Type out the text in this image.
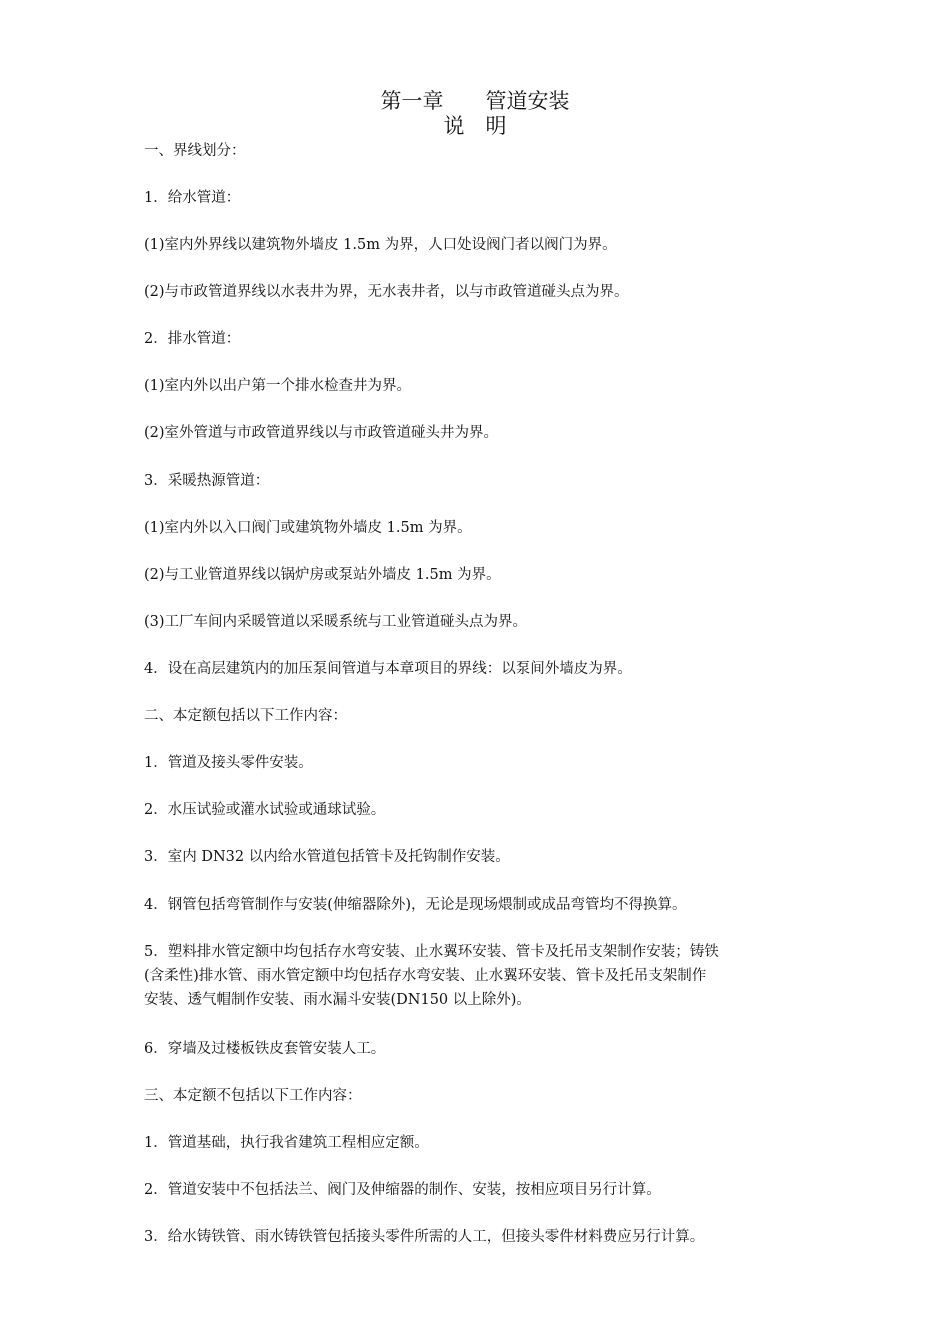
第一章　　管道安装
说　明
一、界线划分：
1．给水管道：
(1)室内外界线以建筑物外墙皮 1.5m 为界，人口处设阀门者以阀门为界。
(2)与市政管道界线以水表井为界，无水表井者，以与市政管道碰头点为界。
2．排水管道：
(1)室内外以出户第一个排水检查井为界。
(2)室外管道与市政管道界线以与市政管道碰头井为界。
3．采暖热源管道：
(1)室内外以入口阀门或建筑物外墙皮 1.5m 为界。
(2)与工业管道界线以锅炉房或泵站外墙皮 1.5m 为界。
(3)工厂车间内采暖管道以采暖系统与工业管道碰头点为界。
4．设在高层建筑内的加压泵间管道与本章项目的界线：以泵间外墙皮为界。
二、本定额包括以下工作内容：
1．管道及接头零件安装。
2．水压试验或灌水试验或通球试验。
3．室内 DN32 以内给水管道包括管卡及托钩制作安装。
4．钢管包括弯管制作与安装(伸缩器除外)，无论是现场煨制或成品弯管均不得换算。
5．塑料排水管定额中均包括存水弯安装、止水翼环安装、管卡及托吊支架制作安装；铸铁
(含柔性)排水管、雨水管定额中均包括存水弯安装、止水翼环安装、管卡及托吊支架制作
安装、透气帽制作安装、雨水漏斗安装(DN150 以上除外)。
6．穿墙及过楼板铁皮套管安装人工。
三、本定额不包括以下工作内容：
1．管道基础，执行我省建筑工程相应定额。
2．管道安装中不包括法兰、阀门及伸缩器的制作、安装，按相应项目另行计算。
3．给水铸铁管、雨水铸铁管包括接头零件所需的人工，但接头零件材料费应另行计算。
